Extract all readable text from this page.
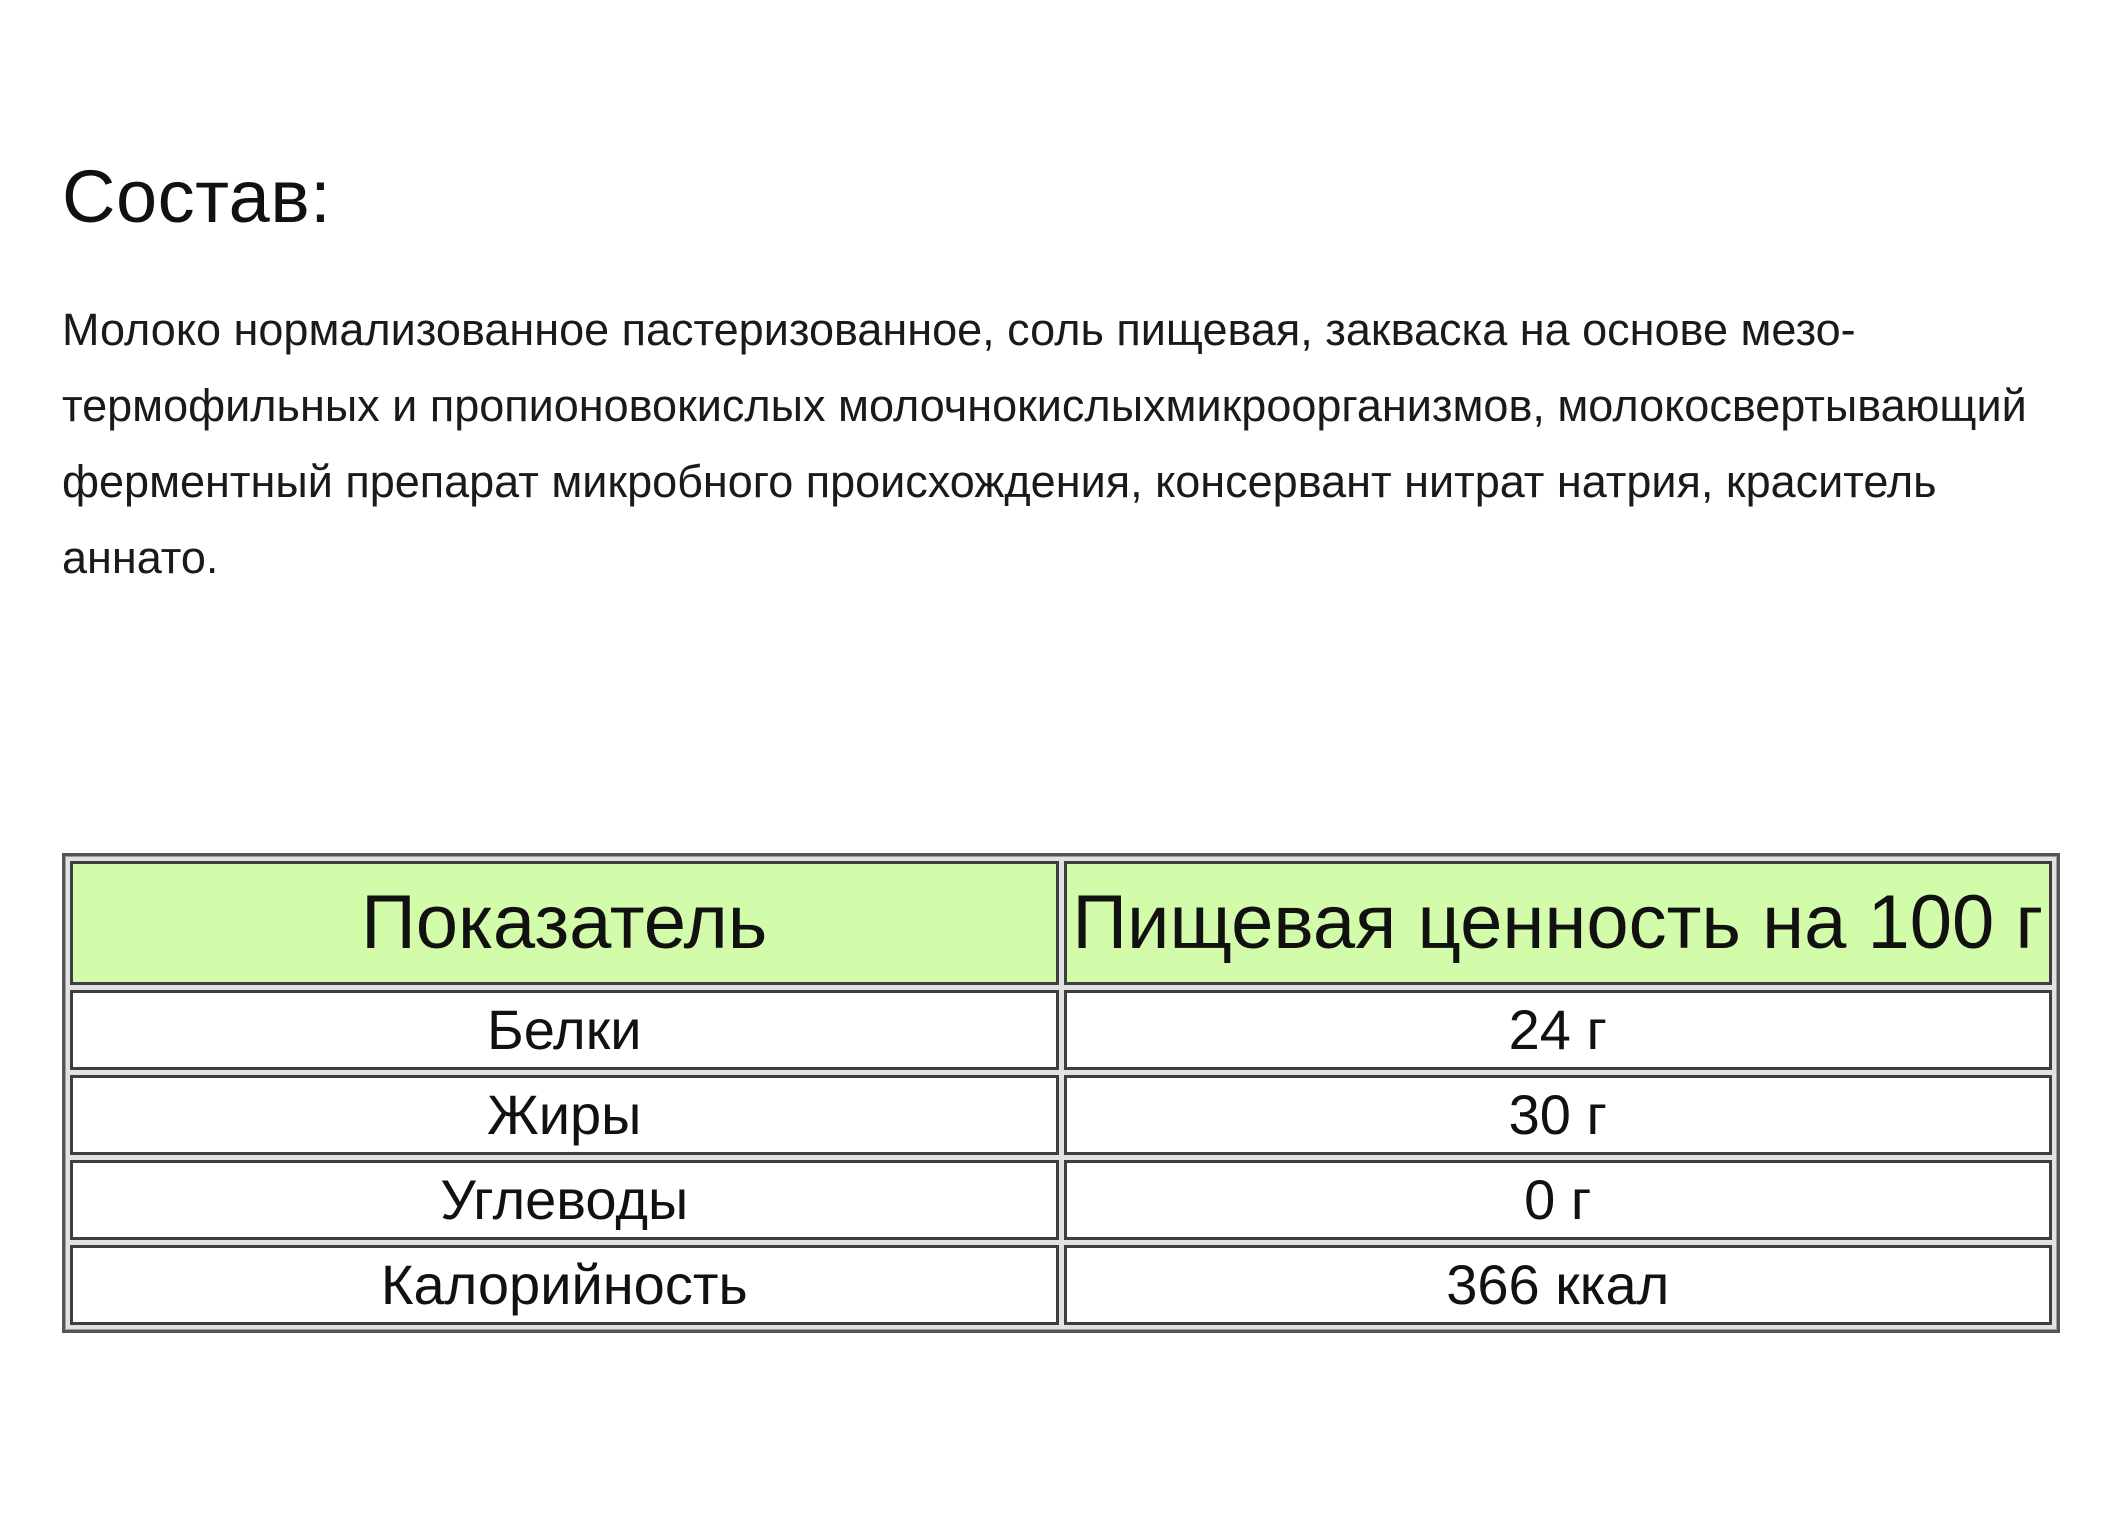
Состав:

Молоко нормализованное пастеризованное, соль пищевая, закваска на основе мезо-термофильных и пропионовокислых молочнокислыхмикроорганизмов, молокосвертывающий ферментный препарат микробного происхождения, консервант нитрат натрия, краситель аннато.

Показатель	Пищевая ценность на 100 г
Белки	24 г
Жиры	30 г
Углеводы	0 г
Калорийность	366 ккал
